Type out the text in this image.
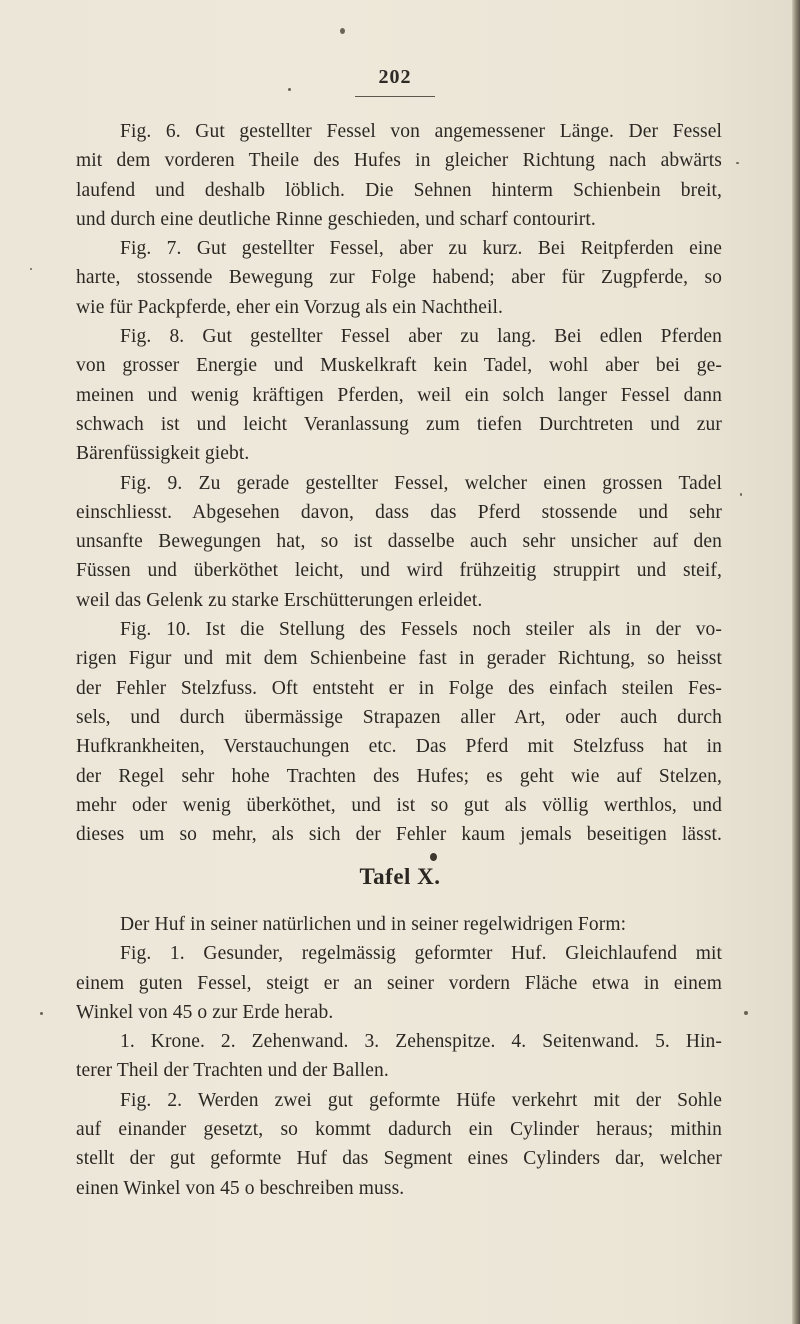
202
Fig. 6. Gut gestellter Fessel von angemessener Länge. Der Fessel
mit dem vorderen Theile des Hufes in gleicher Richtung nach abwärts
laufend und deshalb löblich. Die Sehnen hinterm Schienbein breit,
und durch eine deutliche Rinne geschieden, und scharf contourirt.
Fig. 7. Gut gestellter Fessel, aber zu kurz. Bei Reitpferden eine
harte, stossende Bewegung zur Folge habend; aber für Zugpferde, so
wie für Packpferde, eher ein Vorzug als ein Nachtheil.
Fig. 8. Gut gestellter Fessel aber zu lang. Bei edlen Pferden
von grosser Energie und Muskelkraft kein Tadel, wohl aber bei ge-
meinen und wenig kräftigen Pferden, weil ein solch langer Fessel dann
schwach ist und leicht Veranlassung zum tiefen Durchtreten und zur
Bärenfüssigkeit giebt.
Fig. 9. Zu gerade gestellter Fessel, welcher einen grossen Tadel
einschliesst. Abgesehen davon, dass das Pferd stossende und sehr
unsanfte Bewegungen hat, so ist dasselbe auch sehr unsicher auf den
Füssen und überköthet leicht, und wird frühzeitig struppirt und steif,
weil das Gelenk zu starke Erschütterungen erleidet.
Fig. 10. Ist die Stellung des Fessels noch steiler als in der vo-
rigen Figur und mit dem Schienbeine fast in gerader Richtung, so heisst
der Fehler Stelzfuss. Oft entsteht er in Folge des einfach steilen Fes-
sels, und durch übermässige Strapazen aller Art, oder auch durch
Hufkrankheiten, Verstauchungen etc. Das Pferd mit Stelzfuss hat in
der Regel sehr hohe Trachten des Hufes; es geht wie auf Stelzen,
mehr oder wenig überköthet, und ist so gut als völlig werthlos, und
dieses um so mehr, als sich der Fehler kaum jemals beseitigen lässt.
Tafel X.
Der Huf in seiner natürlichen und in seiner regelwidrigen Form:
Fig. 1. Gesunder, regelmässig geformter Huf. Gleichlaufend mit
einem guten Fessel, steigt er an seiner vordern Fläche etwa in einem
Winkel von 45 o zur Erde herab.
1. Krone. 2. Zehenwand. 3. Zehenspitze. 4. Seitenwand. 5. Hin-
terer Theil der Trachten und der Ballen.
Fig. 2. Werden zwei gut geformte Hüfe verkehrt mit der Sohle
auf einander gesetzt, so kommt dadurch ein Cylinder heraus; mithin
stellt der gut geformte Huf das Segment eines Cylinders dar, welcher
einen Winkel von 45 o beschreiben muss.
